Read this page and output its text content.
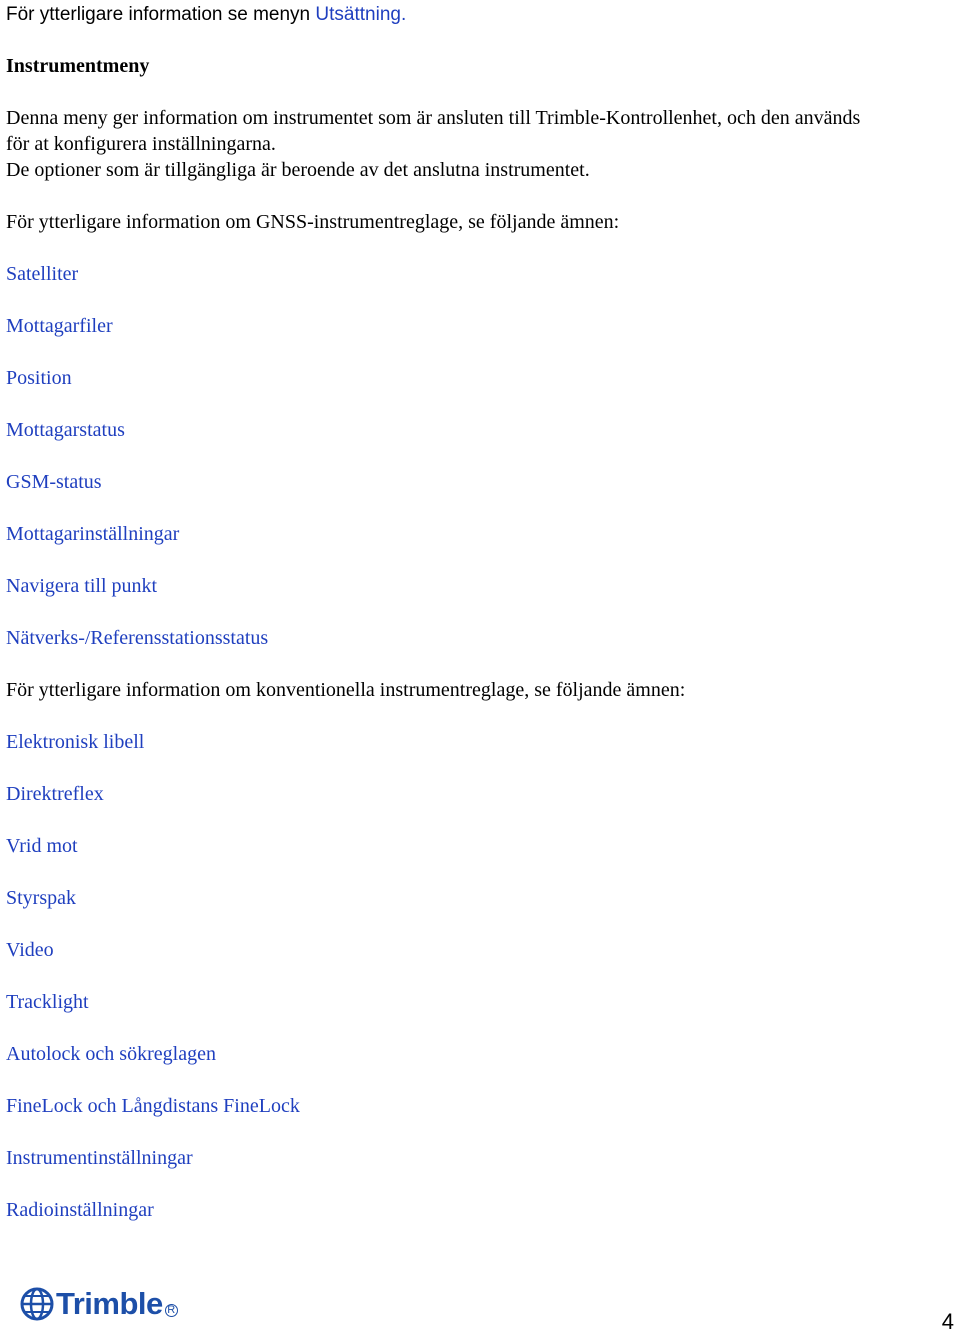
För ytterligare information se menyn Utsättning.
Instrumentmeny
Denna meny ger information om instrumentet som är ansluten till Trimble-Kontrollenhet, och den används
för at konfigurera inställningarna.
De optioner som är tillgängliga är beroende av det anslutna instrumentet.
För ytterligare information om GNSS-instrumentreglage, se följande ämnen:
Satelliter
Mottagarfiler
Position
Mottagarstatus
GSM-status
Mottagarinställningar
Navigera till punkt
Nätverks-/Referensstationsstatus
För ytterligare information om konventionella instrumentreglage, se följande ämnen:
Elektronisk libell
Direktreflex
Vrid mot
Styrspak
Video
Tracklight
Autolock och sökreglagen
FineLock och Långdistans FineLock
Instrumentinställningar
Radioinställningar
Trimble R	4
